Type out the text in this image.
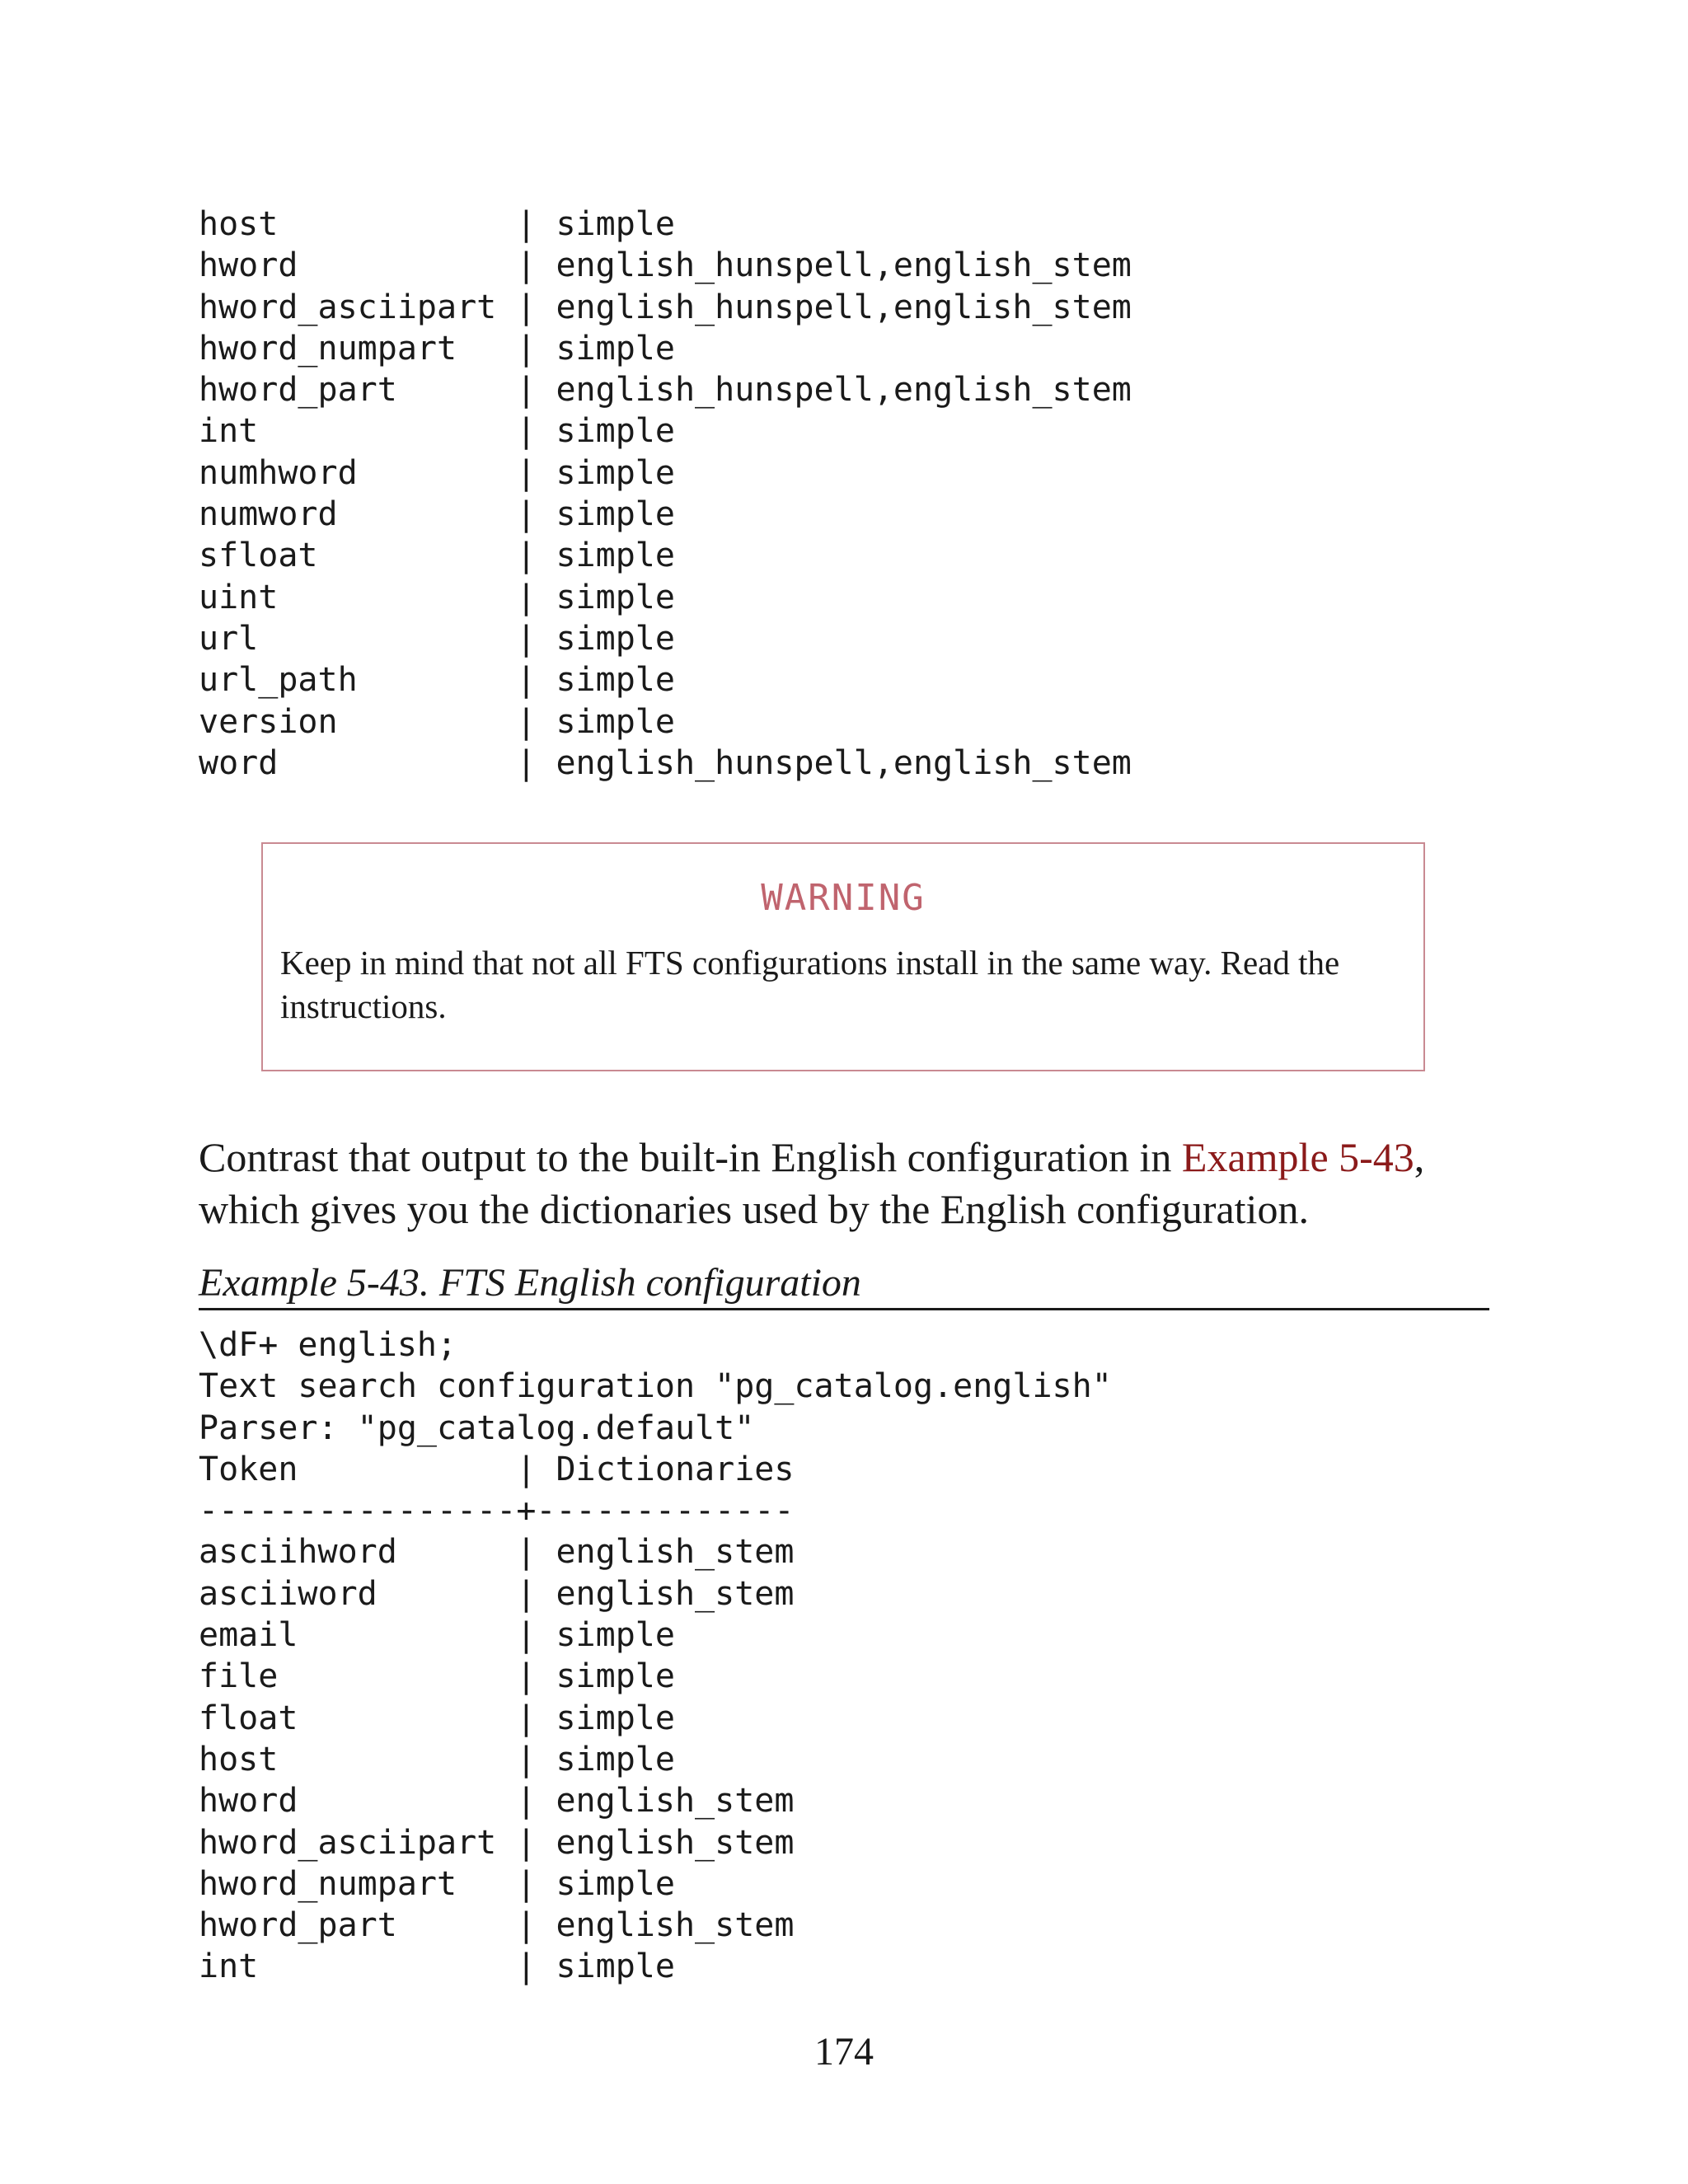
host            | simple
hword           | english_hunspell,english_stem
hword_asciipart | english_hunspell,english_stem
hword_numpart   | simple
hword_part      | english_hunspell,english_stem
int             | simple
numhword        | simple
numword         | simple
sfloat          | simple
uint            | simple
url             | simple
url_path        | simple
version         | simple
word            | english_hunspell,english_stem
WARNING
Keep in mind that not all FTS configurations install in the same way. Read the instructions.
Contrast that output to the built-in English configuration in Example 5-43, which gives you the dictionaries used by the English configuration.
Example 5-43. FTS English configuration
\dF+ english;
Text search configuration "pg_catalog.english"
Parser: "pg_catalog.default"
Token           | Dictionaries
----------------+-------------
asciihword      | english_stem
asciiword       | english_stem
email           | simple
file            | simple
float           | simple
host            | simple
hword           | english_stem
hword_asciipart | english_stem
hword_numpart   | simple
hword_part      | english_stem
int             | simple
174
